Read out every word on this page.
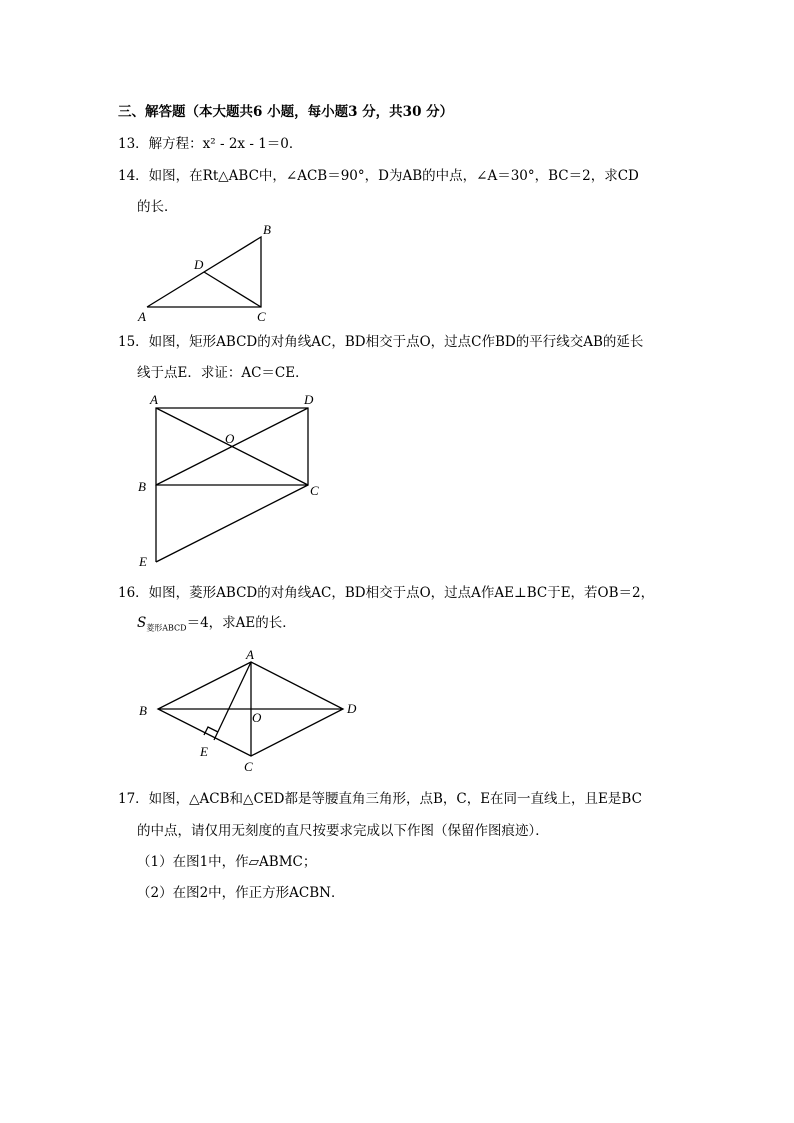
三、解答题（本大题共6 小题，每小题3 分，共30 分）
13．解方程：x² - 2x - 1＝0．
14．如图，在Rt△ABC中，∠ACB＝90°，D为AB的中点，∠A＝30°，BC＝2，求CD
的长．
A
B
C
D
15．如图，矩形ABCD的对角线AC，BD相交于点O，过点C作BD的平行线交AB的延长
线于点E．求证：AC＝CE．
A	D
O
B	C
E
16．如图，菱形ABCD的对角线AC，BD相交于点O，过点A作AE⊥BC于E，若OB＝2，
$S_{菱形ABCD}=4$，求AE的长．
A
B	D
O
E
C
17．如图，△ACB和△CED都是等腰直角三角形，点B，C，E在同一直线上，且E是BC
的中点，请仅用无刻度的直尺按要求完成以下作图（保留作图痕迹）．
（1）在图1中，作▱ABMC；
（2）在图2中，作正方形ACBN．
